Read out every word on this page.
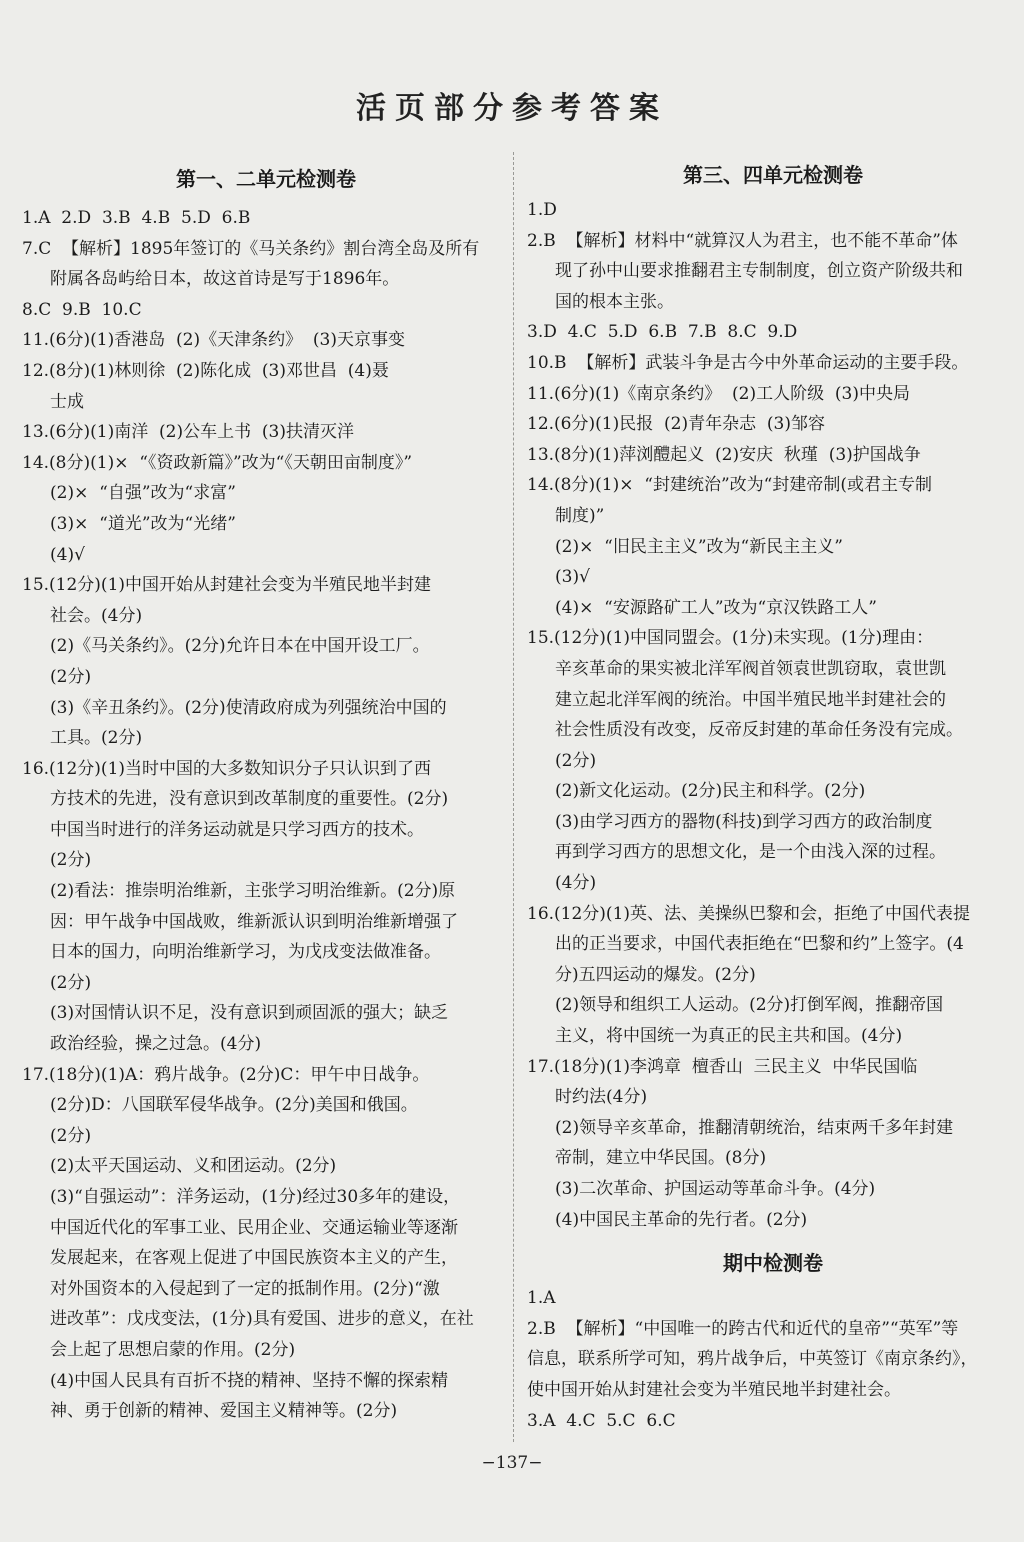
活页部分参考答案
第一、二单元检测卷
1.A  2.D  3.B  4.B  5.D  6.B
7.C  【解析】1895年签订的《马关条约》割台湾全岛及所有
附属各岛屿给日本，故这首诗是写于1896年。
8.C  9.B  10.C
11.(6分)(1)香港岛  (2)《天津条约》  (3)天京事变
12.(8分)(1)林则徐  (2)陈化成  (3)邓世昌  (4)聂
士成
13.(6分)(1)南洋  (2)公车上书  (3)扶清灭洋
14.(8分)(1)×  “《资政新篇》”改为“《天朝田亩制度》”
(2)×  “自强”改为“求富”
(3)×  “道光”改为“光绪”
(4)√
15.(12分)(1)中国开始从封建社会变为半殖民地半封建
社会。(4分)
(2)《马关条约》。(2分)允许日本在中国开设工厂。
(2分)
(3)《辛丑条约》。(2分)使清政府成为列强统治中国的
工具。(2分)
16.(12分)(1)当时中国的大多数知识分子只认识到了西
方技术的先进，没有意识到改革制度的重要性。(2分)
中国当时进行的洋务运动就是只学习西方的技术。
(2分)
(2)看法：推崇明治维新，主张学习明治维新。(2分)原
因：甲午战争中国战败，维新派认识到明治维新增强了
日本的国力，向明治维新学习，为戊戌变法做准备。
(2分)
(3)对国情认识不足，没有意识到顽固派的强大；缺乏
政治经验，操之过急。(4分)
17.(18分)(1)A：鸦片战争。(2分)C：甲午中日战争。
(2分)D：八国联军侵华战争。(2分)美国和俄国。
(2分)
(2)太平天国运动、义和团运动。(2分)
(3)“自强运动”：洋务运动，(1分)经过30多年的建设，
中国近代化的军事工业、民用企业、交通运输业等逐渐
发展起来，在客观上促进了中国民族资本主义的产生，
对外国资本的入侵起到了一定的抵制作用。(2分)“激
进改革”：戊戌变法，(1分)具有爱国、进步的意义，在社
会上起了思想启蒙的作用。(2分)
(4)中国人民具有百折不挠的精神、坚持不懈的探索精
神、勇于创新的精神、爱国主义精神等。(2分)
第三、四单元检测卷
1.D
2.B  【解析】材料中“就算汉人为君主，也不能不革命”体
现了孙中山要求推翻君主专制制度，创立资产阶级共和
国的根本主张。
3.D  4.C  5.D  6.B  7.B  8.C  9.D
10.B  【解析】武装斗争是古今中外革命运动的主要手段。
11.(6分)(1)《南京条约》  (2)工人阶级  (3)中央局
12.(6分)(1)民报  (2)青年杂志  (3)邹容
13.(8分)(1)萍浏醴起义  (2)安庆  秋瑾  (3)护国战争
14.(8分)(1)×  “封建统治”改为“封建帝制(或君主专制
制度)”
(2)×  “旧民主主义”改为“新民主主义”
(3)√
(4)×  “安源路矿工人”改为“京汉铁路工人”
15.(12分)(1)中国同盟会。(1分)未实现。(1分)理由：
辛亥革命的果实被北洋军阀首领袁世凯窃取，袁世凯
建立起北洋军阀的统治。中国半殖民地半封建社会的
社会性质没有改变，反帝反封建的革命任务没有完成。
(2分)
(2)新文化运动。(2分)民主和科学。(2分)
(3)由学习西方的器物(科技)到学习西方的政治制度
再到学习西方的思想文化，是一个由浅入深的过程。
(4分)
16.(12分)(1)英、法、美操纵巴黎和会，拒绝了中国代表提
出的正当要求，中国代表拒绝在“巴黎和约”上签字。(4
分)五四运动的爆发。(2分)
(2)领导和组织工人运动。(2分)打倒军阀，推翻帝国
主义，将中国统一为真正的民主共和国。(4分)
17.(18分)(1)李鸿章  檀香山  三民主义  中华民国临
时约法(4分)
(2)领导辛亥革命，推翻清朝统治，结束两千多年封建
帝制，建立中华民国。(8分)
(3)二次革命、护国运动等革命斗争。(4分)
(4)中国民主革命的先行者。(2分)
期中检测卷
1.A
2.B  【解析】“中国唯一的跨古代和近代的皇帝”“英军”等
信息，联系所学可知，鸦片战争后，中英签订《南京条约》，
使中国开始从封建社会变为半殖民地半封建社会。
3.A  4.C  5.C  6.C
−137−
